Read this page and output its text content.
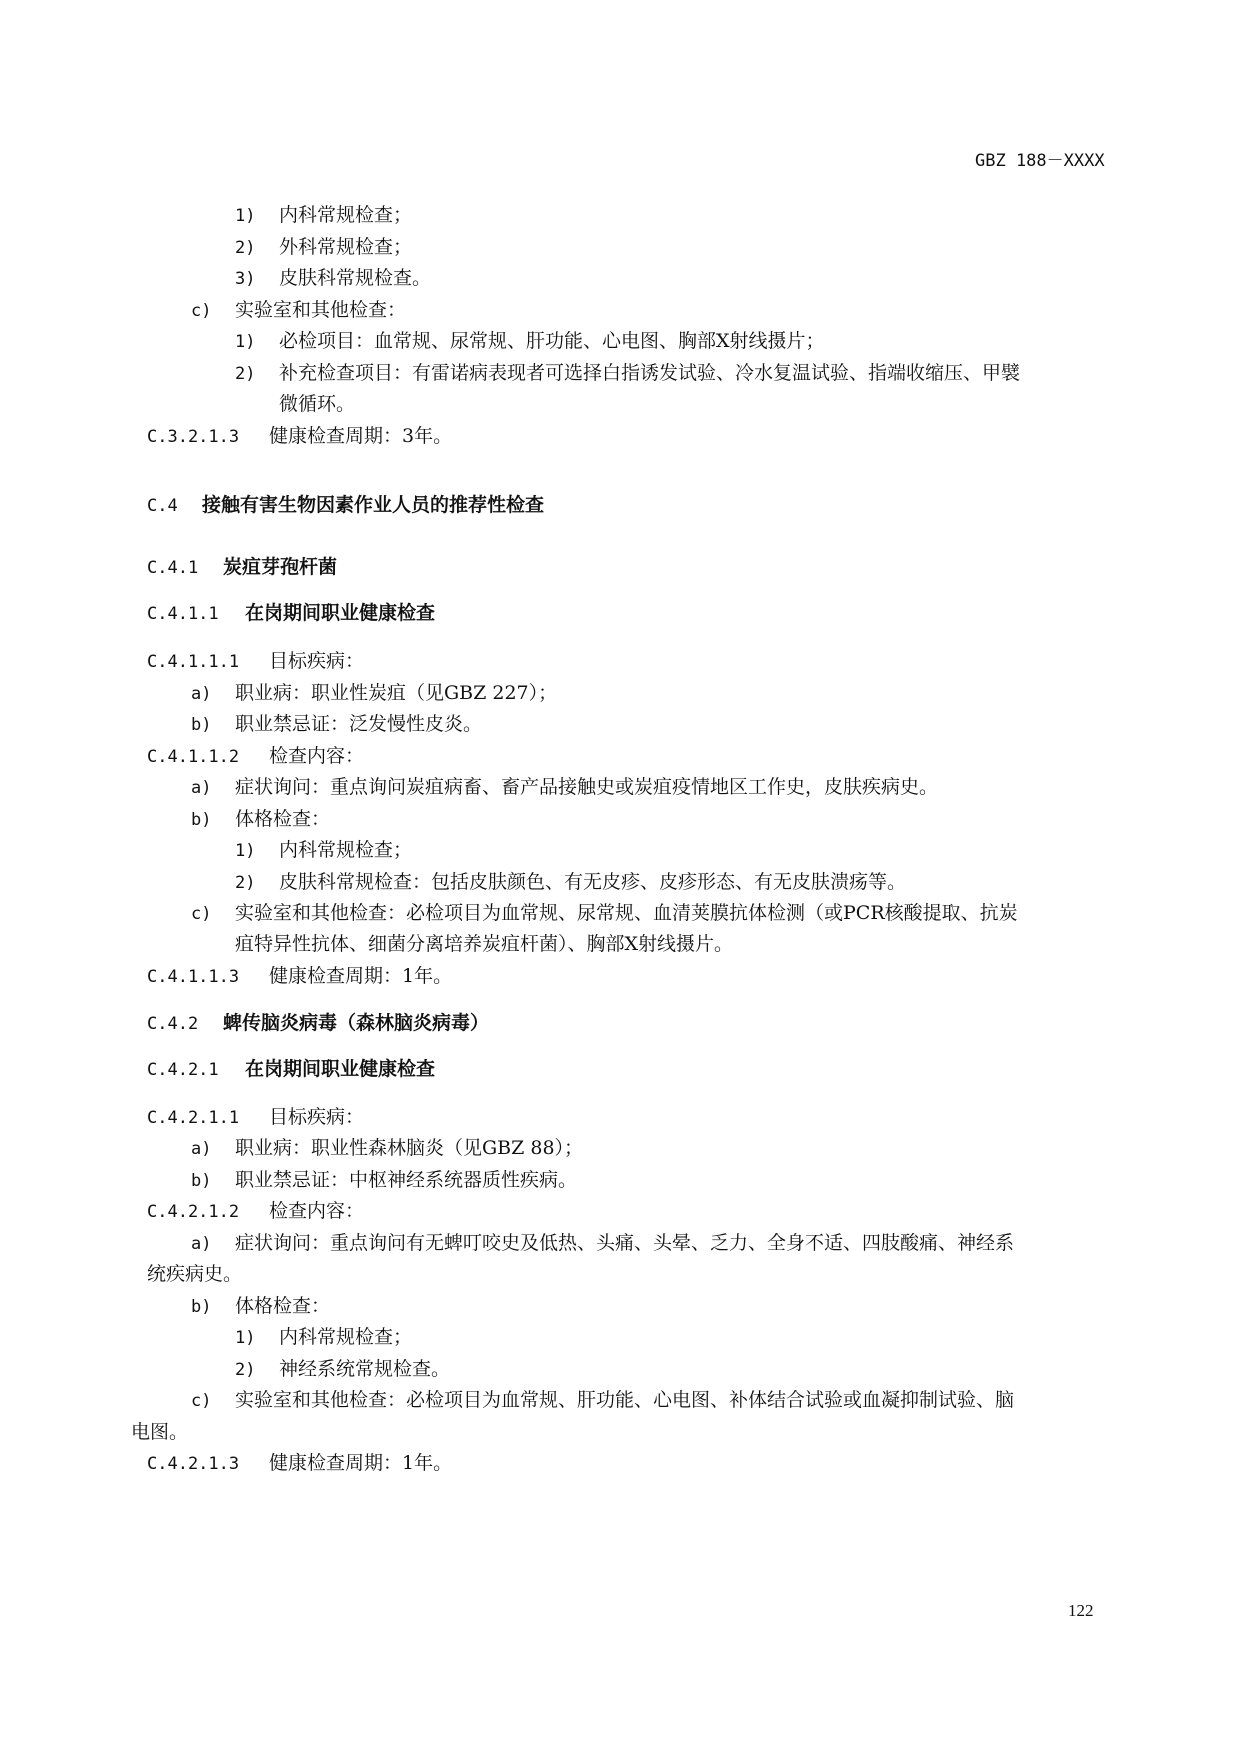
GBZ 188－XXXX
1) 内科常规检查；
2) 外科常规检查；
3) 皮肤科常规检查。
c) 实验室和其他检查：
1) 必检项目：血常规、尿常规、肝功能、心电图、胸部X射线摄片；
2) 补充检查项目：有雷诺病表现者可选择白指诱发试验、冷水复温试验、指端收缩压、甲襞
微循环。
C.3.2.1.3 健康检查周期：3年。
C.4 接触有害生物因素作业人员的推荐性检查
C.4.1 炭疽芽孢杆菌
C.4.1.1 在岗期间职业健康检查
C.4.1.1.1 目标疾病：
a) 职业病：职业性炭疽（见GBZ 227）；
b) 职业禁忌证：泛发慢性皮炎。
C.4.1.1.2 检查内容：
a) 症状询问：重点询问炭疽病畜、畜产品接触史或炭疽疫情地区工作史，皮肤疾病史。
b) 体格检查：
1) 内科常规检查；
2) 皮肤科常规检查：包括皮肤颜色、有无皮疹、皮疹形态、有无皮肤溃疡等。
c) 实验室和其他检查：必检项目为血常规、尿常规、血清荚膜抗体检测（或PCR核酸提取、抗炭
疽特异性抗体、细菌分离培养炭疽杆菌）、胸部X射线摄片。
C.4.1.1.3 健康检查周期：1年。
C.4.2 蜱传脑炎病毒（森林脑炎病毒）
C.4.2.1 在岗期间职业健康检查
C.4.2.1.1 目标疾病：
a) 职业病：职业性森林脑炎（见GBZ 88）；
b) 职业禁忌证：中枢神经系统器质性疾病。
C.4.2.1.2 检查内容：
a) 症状询问：重点询问有无蜱叮咬史及低热、头痛、头晕、乏力、全身不适、四肢酸痛、神经系
统疾病史。
b) 体格检查：
1) 内科常规检查；
2) 神经系统常规检查。
c) 实验室和其他检查：必检项目为血常规、肝功能、心电图、补体结合试验或血凝抑制试验、脑
电图。
C.4.2.1.3 健康检查周期：1年。
122
